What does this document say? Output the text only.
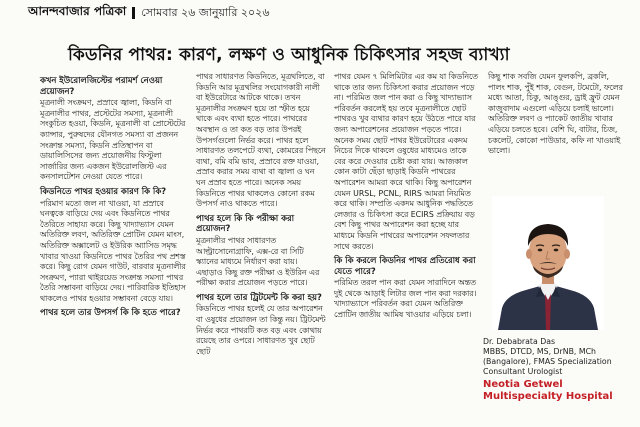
আনন্দবাজার পত্রিকা সোমবার ২৬ জানুয়ারি ২০২৬
কিডনির পাথর: কারণ, লক্ষণ ও আধুনিক চিকিৎসার সহজ ব্যাখ্যা

কখন ইউরোলজিস্টের পরামর্শ নেওয়া প্রয়োজন?

মূত্রনালী সংক্রমণ, প্রস্রাবে জ্বালা, কিডনি বা মূত্রনালীর পাথর, প্রস্টেটের সমস্যা, মূত্রনালী সংকুচিত হওয়া, কিডনি, মূত্রনালী বা প্রোস্টেটের ক্যান্সার, পুরুষদের যৌনগত সমস্যা বা প্রজনন সংক্রান্ত সমস্যা, কিডনি প্রতিস্থাপন বা ডায়ালিসিসের জন্য প্রয়োজনীয় ফিস্টুলা সার্জারির জন্য একজন ইউরোলজিস্ট এর কনসালটেশন নেওয়া যেতে পারে।

কিডনিতে পাথর হওয়ার কারণ কি কি?

পরিমাণ মতো জল না খাওয়া, যা প্রস্রাবে ঘনত্বকে বাড়িয়ে দেয় এবং কিডনিতে পাথর তৈরিতে সাহায্য করে। কিছু খাদ্যাভ্যাস যেমন অতিরিক্ত লবণ, অতিরিক্ত প্রোটিন যেমন মাংস, অতিরিক্ত অক্সালেট ও ইউরিক অ্যাসিড সমৃদ্ধ খাবার খাওয়া কিডনিতে পাথর তৈরির পথ প্রশস্ত করে। কিছু রোগ যেমন গাউট, বারবার মূত্রনালীর সংক্রমণ, প্যারা থাইরয়েড সংক্রান্ত সমস্যা পাথর তৈরি সম্ভাবনা বাড়িয়ে দেয়। পারিবারিক ইতিহাস থাকলেও পাথর হওয়ার সম্ভাবনা বেড়ে যায়।

পাথর হলে তার উপসর্গ কি কি হতে পারে?

পাথর সাধারণত কিডনিতে, মূত্রথলিতে, বা কিডনি আর মূত্রথলির সংযোগকারী নালী বা ইউরেটারে আটকে থাকে। তখন মূত্রনালীর সংক্রমণ হয়ে তা স্ফীত হয়ে থাকে এবং ব্যথা হতে পারে। পাথরের অবস্থান ও তা কত বড় তার উপরই উপসর্গগুলো নির্ভর করে। পাথর হলে সাধারণত তলপেটে ব্যথা, কোমরের পিছনে ব্যথা, বমি বমি ভাব, প্রস্রাবে রক্ত যাওয়া, প্রস্রাব করার সময় ব্যথা বা জ্বালা ও ঘন ঘন প্রস্রাব হতে পারে। অনেক সময় কিডনিতে পাথর থাকলেও কোনো রকম উপসর্গ নাও থাকতে পারে।

পাথর হলে কি কি পরীক্ষা করা প্রয়োজন?

মূত্রনালীর পাথর সাধারণত আল্ট্রাসোনোগ্রাফি, এক্স-রে বা সিটি স্ক্যানের মাধ্যমে নির্ধারণ করা যায়। এছাড়াও কিছু রক্ত পরীক্ষা ও ইউরিন এর পরীক্ষা করার প্রয়োজন পড়তে পারে।

পাথর হলে তার ট্রিটমেন্ট কি করা হয়?

কিডনিতে পাথর হলেই যে তার অপারেশন বা ওষুধের প্রয়োজন তা কিন্তু নয়। ট্রিটমেন্ট নির্ভর করে পাথরটি কত বড় এবং কোথায় রয়েছে তার ওপরে। সাধারণত খুব ছোট ছোট

পাথর যেমন ৭ মিলিমিটার এর কম যা কিডনিতে থাকে তার জন্য চিকিৎসা করার প্রয়োজন পড়ে না। পরিমিত জল পান করা ও কিছু খাদ্যাভ্যাস পরিবর্তন করলেই হয় তবে মূত্রনালীতে ছোট পাথরও খুব ব্যথার কারণ হয়ে উঠতে পারে যার জন্য অপারেশনের প্রয়োজন পড়তে পারে। অনেক সময় ছোট পাথর ইউরেটারের একদম নিচের দিকে থাকলে ওষুধের মাধ্যমেও তাকে বের করে দেওয়ার চেষ্টা করা যায়। আজকাল কোন কাটা ছেঁড়া ছাড়াই কিডনি পাথরের অপারেশন আমরা করে থাকি। কিছু অপারেশন যেমন URSL, PCNL, RIRS আমরা নিয়মিত করে থাকি। সম্প্রতি একদম আধুনিক পদ্ধতিতে লেজার ও চিকিৎসা করে ECIRS প্রক্রিয়ায় বড় বেশ কিছু পাথর অপারেশন করা হচ্ছে যার মাধ্যমে কিডনি পাথরের অপারেশন সফলতার সাথে করতে।

কি কি করলে কিডনির পাথর প্রতিরোধ করা যেতে পারে?

পরিমিত তরল পান করা যেমন সারাদিনে অন্তত দুই থেকে আড়াই লিটার জল পান করা দরকার। খাদ্যাভ্যাসে পরিবর্তন করা যেমন অতিরিক্ত প্রোটিন জাতীয় আমিষ খাওয়ার এড়িয়ে চলা।

কিছু শাক সবজি যেমন ফুলকপি, ব্রকলি, পালং শাক, পুঁই শাক, বেগুন, টমেটো, ফলের মধ্যে আতা, চিকু, আঙ্গুর, ড্রাই ফ্রুট যেমন কাজুবাদাম এগুলো এড়িয়ে চলাই ভালো। অতিরিক্ত লবণ ও প্যাকেট জাতীয় খাবার এড়িয়ে চলতে হবে। বেশি ঘি, বাটার, চিজ, চকলেট, কোকো পাউডার, কফি না খাওয়াই ভালো।

Dr. Debabrata Das
MBBS, DTCD, MS, DrNB, MCh (Bangalore), FMAS Specialization
Consultant Urologist
Neotia Getwel Multispecialty Hospital
